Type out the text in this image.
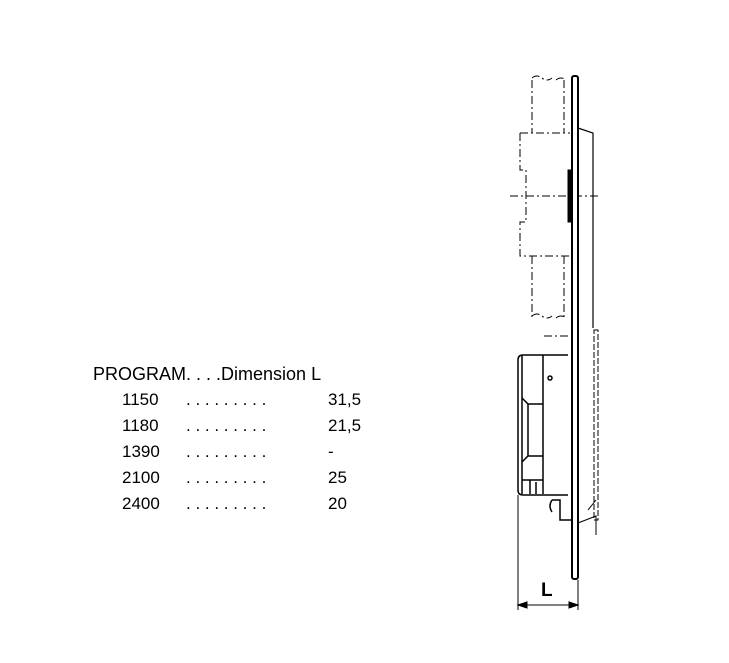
PROGRAM. . . .Dimension L
1150 . . . . . . . . .	31,5
1180 . . . . . . . . .	21,5
1390 . . . . . . . . .	-
2100 . . . . . . . . .	25
2400 . . . . . . . . .	20
L
